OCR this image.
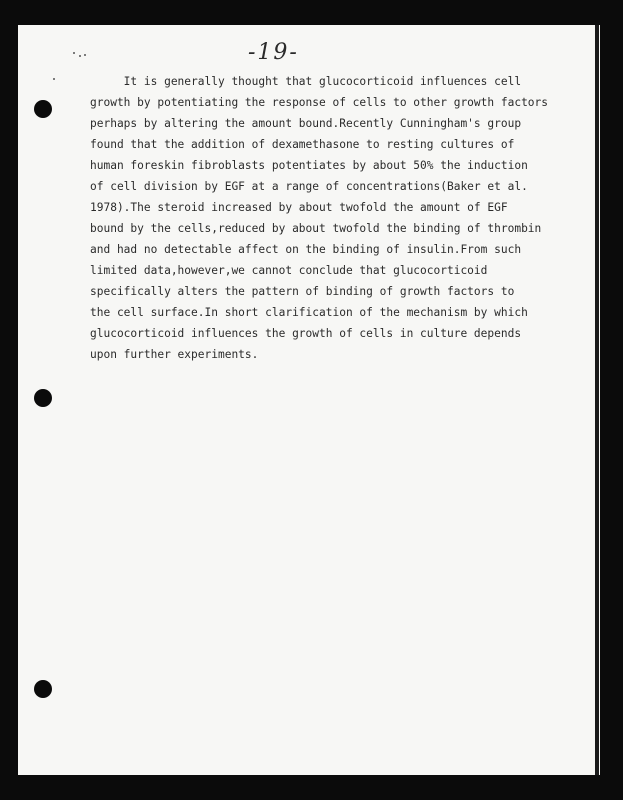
-19-
It is generally thought that glucocorticoid influences cell
growth by potentiating the response of cells to other growth factors
perhaps by altering the amount bound.Recently Cunningham's group
found that the addition of dexamethasone to resting cultures of
human foreskin fibroblasts potentiates by about 50% the induction
of cell division by EGF at a range of concentrations(Baker et al.
1978).The steroid increased by about twofold the amount of EGF
bound by the cells,reduced by about twofold the binding of thrombin
and had no detectable affect on the binding of insulin.From such
limited data,however,we cannot conclude that glucocorticoid
specifically alters the pattern of binding of growth factors to
the cell surface.In short clarification of the mechanism by which
glucocorticoid influences the growth of cells in culture depends
upon further experiments.
